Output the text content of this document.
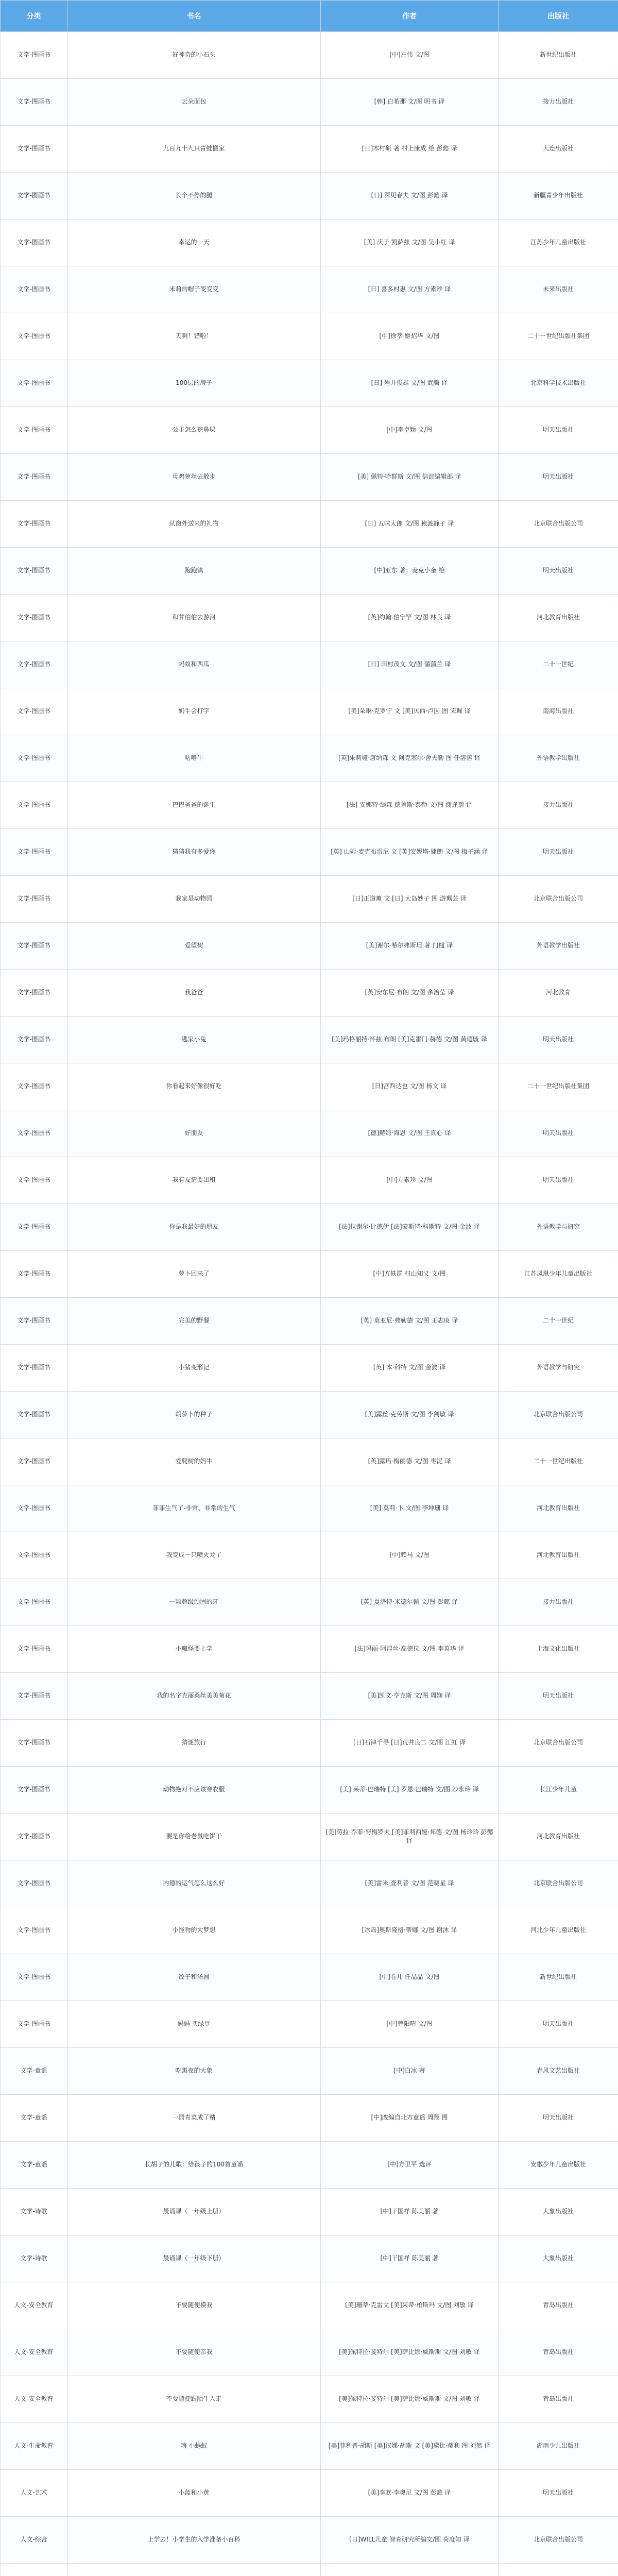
分类	书名	作者	出版社
文学-图画书	好神奇的小石头	[中]左伟 文/图	新世纪出版社
文学-图画书	云朵面包	[韩] 白希那 文/图 明书 译	接力出版社
文学-图画书	九百九十九只青蛙搬家	[日]木村研 著 村上康成 绘 彭懿 译	大连出版社
文学-图画书	长个不停的腿	[日] 深见春夫 文/图 彭懿 译	新疆青少年出版社
文学-图画书	幸运的一天	[美] 庆子·凯萨兹 文/图 吴小红 译	江苏少年儿童出版社
文学-图画书	米莉的帽子变变变	[日] 喜多村惠 文/图 方素珍 译	未来出版社
文学-图画书	天啊！错啦！	[中]徐萃 姬炤华 文/图	二十一世纪出版社集团
文学-图画书	100层的房子	[日] 岩井俊雄 文/图 武腾 译	北京科学技术出版社
文学-图画书	公主怎么挖鼻屎	[中]李卓颖 文/图	明天出版社
文学-图画书	母鸡萝丝去散步	[美] 佩特·哈群斯 文/图 信谊编辑部 译	明天出版社
文学-图画书	从窗外送来的礼物	[日] 五味太郎 文/图 猿渡静子 译	北京联合出版公司
文学-图画书	跑跑镇	[中]亚东 著；麦克小奎 绘	明天出版社
文学-图画书	和甘伯伯去游河	[英]约翰·伯宁罕 文/图 林良 译	河北教育出版社
文学-图画书	蚂蚁和西瓜	[日] 田村茂文 文/图 蒲蒲兰 译	二十一世纪
文学-图画书	奶牛会打字	[美]朵琳·克罗宁 文 [美]贝西·卢因 图 宋珮 译	南海出版社
文学-图画书	咕噜牛	[英]朱莉娅·唐纳森 文 阿克塞尔·舍夫勒 图 任溶溶 译	外语教学出版社
文学-图画书	巴巴爸爸的诞生	[法] 安娜特·缇森 德鲁斯·泰勒 文/图 谢逢蓓 译	接力出版社
文学-图画书	猜猜我有多爱你	[英] 山姆·麦克布雷尼 文 [英]安妮塔·婕朗 文/图 梅子涵 译	明天出版社
文学-图画书	我家是动物园	[日]正道薰 文 [日] 大岛妙子 图 游珮芸 译	北京联合出版公司
文学-图画书	爱望树	[美]谢尔·希尔弗斯坦 著 门槛 译	外语教学出版社
文学-图画书	我爸爸	[英]安东尼·布朗 文/图 余治莹 译	河北教育
文学-图画书	逃家小兔	[美]玛格丽特·怀兹·布朗 [美]克雷门·赫德 文/图 黄迺毓 译	明天出版社
文学-图画书	你看起来好像很好吃	[日]宫西达也 文/图 杨文 译	二十一世纪出版社集团
文学-图画书	好朋友	[德]赫姆·海恩 文/图 王真心 译	明天出版社
文学-图画书	我有友情要出租	[中]方素珍 文/图	明天出版社
文学-图画书	你是我最好的朋友	[法]拉谢尔·比德伊 [法]蒙斯特·科斯特 文/图 金波 译	外语教学与研究
文学-图画书	萝卜回来了	[中]方轶群 村山知义 文/图	江苏凤凰少年儿童出版社
文学-图画书	完美的野餐	[英] 莫亚尼·弗勒德 文/图 王志庚 译	二十一世纪
文学-图画书	小猪变形记	[英] 本·科特 文/图 金波 译	外语教学与研究
文学-图画书	胡萝卜的种子	[美]露丝·克劳斯 文/图 李剑敏 译	北京联合出版公司
文学-图画书	爱爬树的妈牛	[英]露玛·梅丽德 文/图 枣泥 译	二十一世纪出版社
文学-图画书	菲菲生气了-非常、非常的生气	[美] 莫莉·卞 文/图 李坤珊 译	河北教育出版社
文学-图画书	我变成一只喷火龙了	[中]赖马 文/图	河北教育出版社
文学-图画书	一颗超级顽固的牙	[英] 夏洛特·米德尔顿 文/图 彭懿 译	接力出版社
文学-图画书	小魔怪要上学	[法]玛丽-阿涅丝·高德拉 文/图 李英华 译	上海文化出版社
文学-图画书	我的名字克丽桑丝美美菊花	[美]凯文·亨克斯 文/图 周娴 译	明天出版社
文学-图画书	猜谜旅行	[日]石津千寻 [日]荒井良二 文/图 江虹 译	北京联合出版公司
文学-图画书	动物绝对不应该穿衣服	[美] 茱蒂·巴瑞特 [美] 罗恩·巴瑞特 文/图 沙永玲 译	长江少年儿童
文学-图画书	要是你给老鼠吃饼干	[美]劳拉·乔菲·努梅罗夫 [美]菲利西娅·邦德 文/图 杨玲玲 彭懿 译	河北教育出版社
文学-图画书	内德的运气怎么这么好	[美]雷米·查利普 文/图 范晓星 译	北京联合出版公司
文学-图画书	小怪物的大梦想	[冰岛]奥斯隆格·蒂娜 文/图 谢沐 译	河北少年儿童出版社
文学-图画书	饺子和汤圆	[中]卷儿 任晶晶 文/图	新世纪出版社
文学-图画书	妈妈 买绿豆	[中]曾阳晴 文/图	明天出版社
文学-童谣	吃黑夜的大象	[中]白冰 著	春风文艺出版社
文学-童谣	一园青菜成了精	[中]改编自北方童谣 周翔 图	明天出版社
文学-童谣	长胡子的儿歌：给孩子的100首童谣	[中]方卫平 选评	安徽少年儿童出版社
文学-诗歌	晨诵课（一年级上册）	[中]干国祥 陈美丽 著	大象出版社
文学-诗歌	晨诵课（一年级下册）	[中]干国祥 陈美丽 著	大象出版社
人文-安全教育	不要随便摸我	[美]珊蒂·克雷文 [美]茱蒂·柏斯玛 文/图 刘敏 译	青岛出版社
人文-安全教育	不要随便亲我	[美]佩特拉·斐特尔 [美]萨比娜·威斯斯 文/图 刘敏 译	青岛出版社
人文-安全教育	不要随便跟陌生人走	[美]佩特拉·斐特尔 [美]萨比娜·威斯斯 文/图 刘敏 译	青岛出版社
人文-生命教育	嗨 小蚂蚁	[美]菲利普·胡斯 [美]汉娜·胡斯 文 [美]黛比·蒂利 图 刘然 译	湖南少儿出版社
人文-艺术	小蓝和小黄	[美]李欧·李奥尼 文/图 彭懿 译	明天出版社
人文-综合	上学去！小学生的入学准备小百科	[日]WILL儿童 智育研究所编文/图 荷度知 译	北京联合出版公司
